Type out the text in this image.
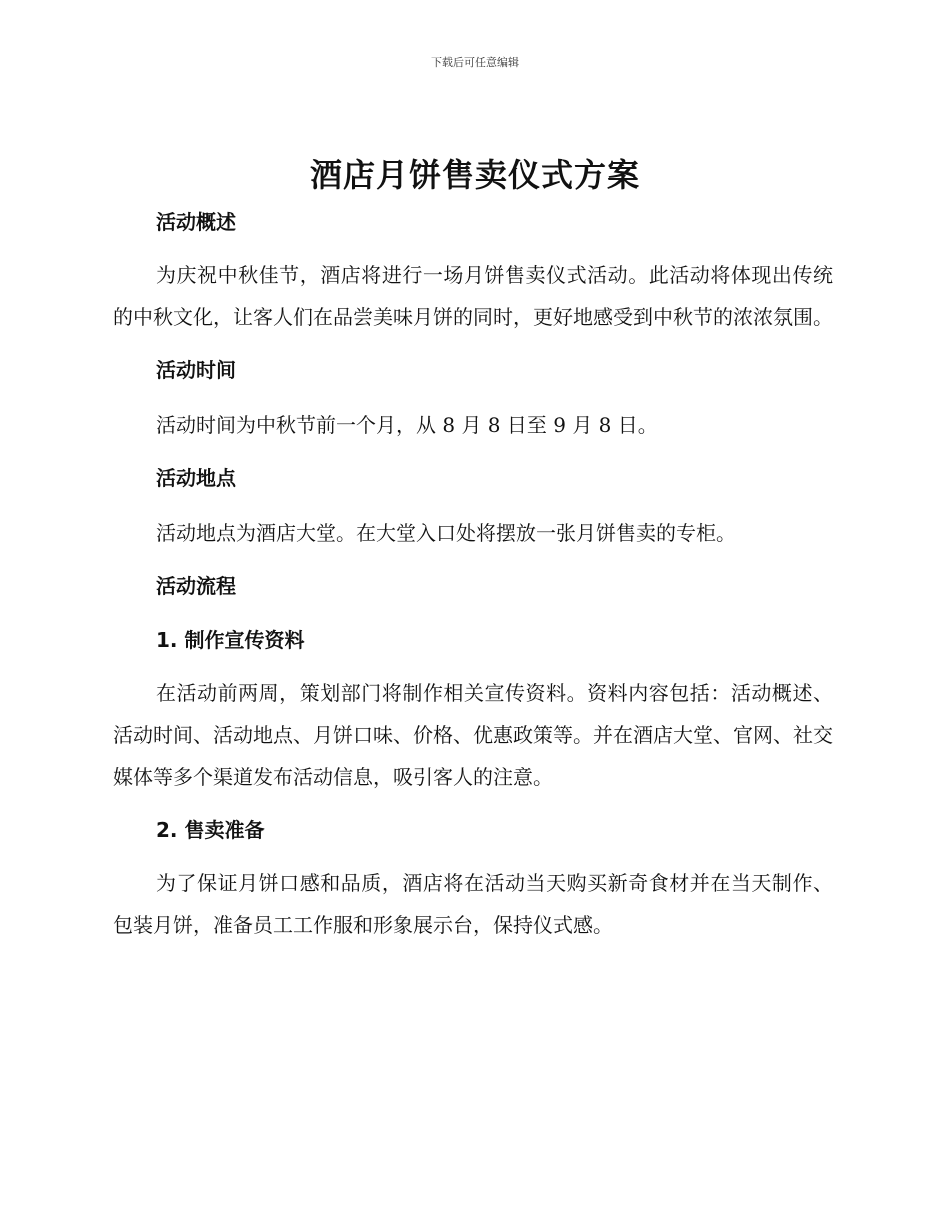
下载后可任意编辑
酒店月饼售卖仪式方案

活动概述

为庆祝中秋佳节，酒店将进行一场月饼售卖仪式活动。此活动将体现出传统的中秋文化，让客人们在品尝美味月饼的同时，更好地感受到中秋节的浓浓氛围。

活动时间

活动时间为中秋节前一个月，从 8 月 8 日至 9 月 8 日。

活动地点

活动地点为酒店大堂。在大堂入口处将摆放一张月饼售卖的专柜。

活动流程

1. 制作宣传资料

在活动前两周，策划部门将制作相关宣传资料。资料内容包括：活动概述、活动时间、活动地点、月饼口味、价格、优惠政策等。并在酒店大堂、官网、社交媒体等多个渠道发布活动信息，吸引客人的注意。

2. 售卖准备

为了保证月饼口感和品质，酒店将在活动当天购买新奇食材并在当天制作、包装月饼，准备员工工作服和形象展示台，保持仪式感。
